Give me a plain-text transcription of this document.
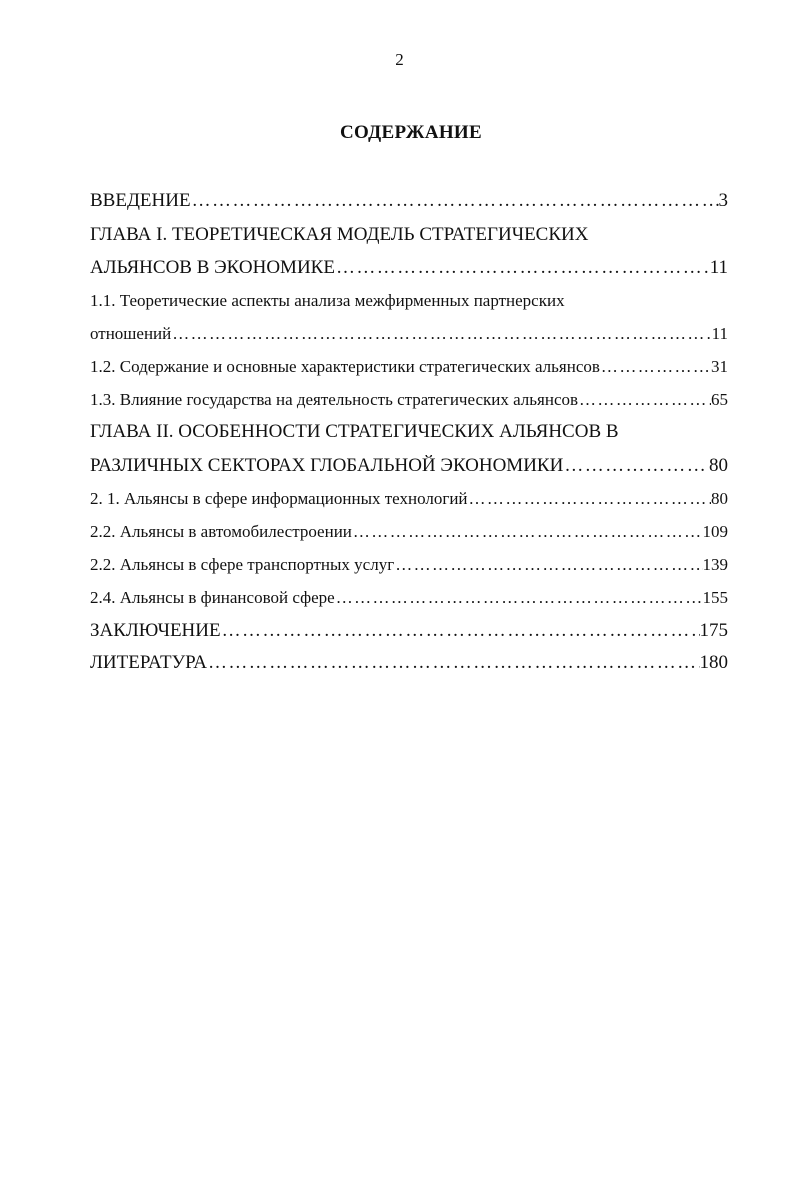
2
СОДЕРЖАНИЕ
ВВЕДЕНИЕ ……………………………………………………………………………………………………………………………………………………………………………	3
ГЛАВА I. ТЕОРЕТИЧЕСКАЯ МОДЕЛЬ СТРАТЕГИЧЕСКИХ
АЛЬЯНСОВ В ЭКОНОМИКЕ ……………………………………………………………………………………………………………………………………………………………………………	11
1.1. Теоретические аспекты анализа межфирменных партнерских
отношений ……………………………………………………………………………………………………………………………………………………………………………	11
1.2. Содержание и основные характеристики стратегических альянсов ……………………………………………………………………………………………………………………………………………………………………………	31
1.3. Влияние государства на деятельность стратегических альянсов ……………………………………………………………………………………………………………………………………………………………………………	65
ГЛАВА II. ОСОБЕННОСТИ СТРАТЕГИЧЕСКИХ АЛЬЯНСОВ В
РАЗЛИЧНЫХ СЕКТОРАХ ГЛОБАЛЬНОЙ ЭКОНОМИКИ ……………………………………………………………………………………………………………………………………………………………………………	80
2. 1. Альянсы в сфере информационных технологий ……………………………………………………………………………………………………………………………………………………………………………	80
2.2. Альянсы в автомобилестроении ……………………………………………………………………………………………………………………………………………………………………………	109
2.2. Альянсы в сфере транспортных услуг ……………………………………………………………………………………………………………………………………………………………………………	139
2.4. Альянсы в финансовой сфере ……………………………………………………………………………………………………………………………………………………………………………	155
ЗАКЛЮЧЕНИЕ ……………………………………………………………………………………………………………………………………………………………………………	175
ЛИТЕРАТУРА ……………………………………………………………………………………………………………………………………………………………………………	180
